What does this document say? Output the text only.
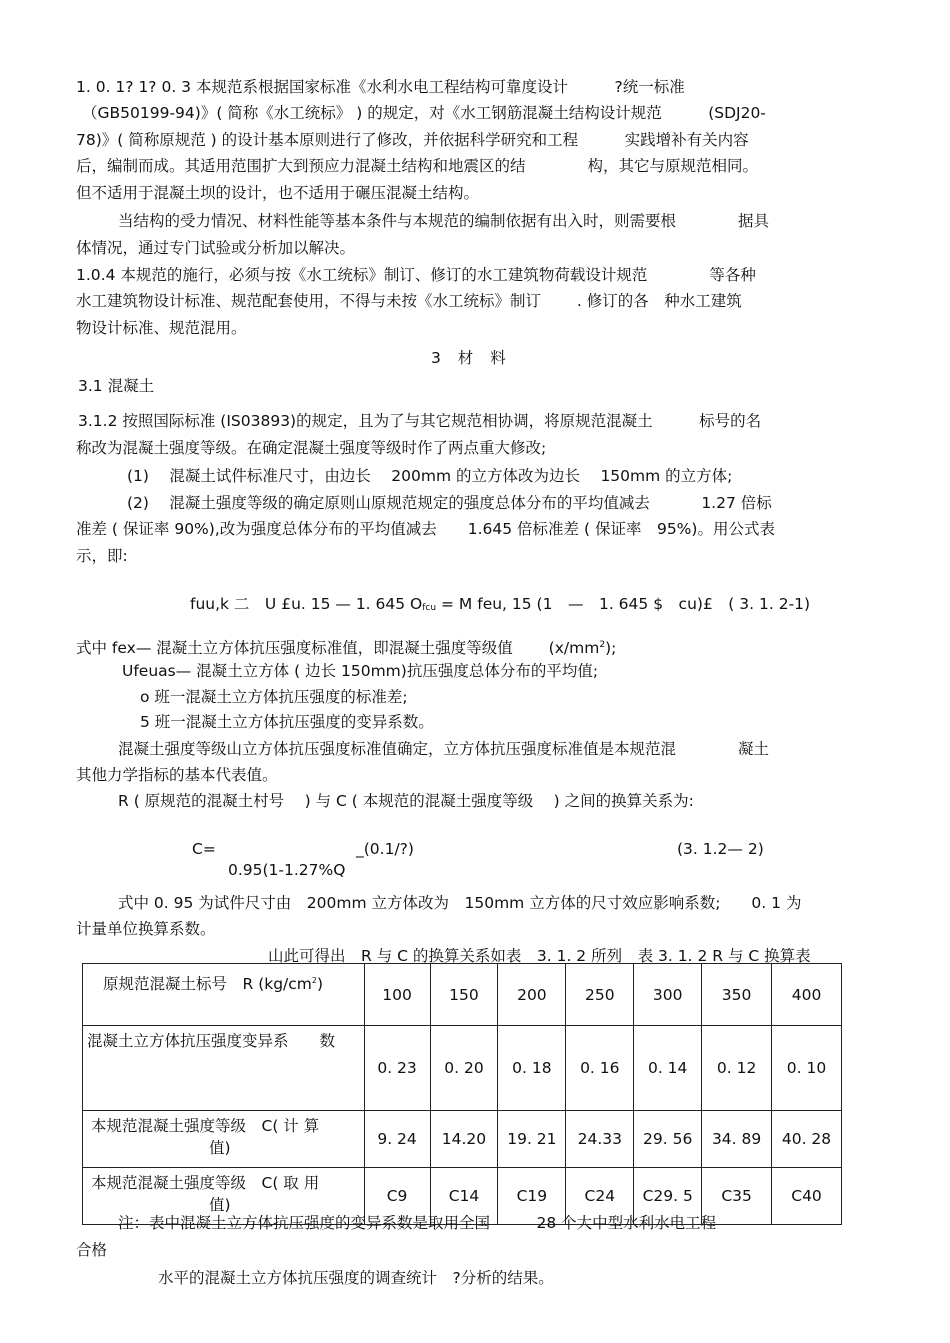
1. 0. 1? 1? 0. 3 本规范系根据国家标准《水利水电工程结构可靠度设计　　　?统一标准
（GB50199-94)》( 简称《水工统标》 ) 的规定，对《水工钢筋混凝土结构设计规范　　　(SDJ20-
78)》( 简称原规范 ) 的设计基本原则进行了修改，并依据科学研究和工程　　　实践增补有关内容
后，编制而成。其适用范围扩大到预应力混凝土结构和地震区的结　　　　构，其它与原规范相同。
但不适用于混凝土坝的设计，也不适用于碾压混凝土结构。
当结构的受力情况、材料性能等基本条件与本规范的编制依据有出入时，则需要根　　　　据具
体情况，通过专门试验或分析加以解决。
1.0.4 本规范的施行，必须与按《水工统标》制订、修订的水工建筑物荷载设计规范　　　　等各种
水工建筑物设计标准、规范配套使用，不得与未按《水工统标》制订　　 . 修订的各　种水工建筑
物设计标准、规范混用。
3 材 料
3.1 混凝土
3.1.2 按照国际标准 (IS03893)的规定，且为了与其它规范相协调，将原规范混凝土　　　标号的名
称改为混凝土强度等级。在确定混凝土强度等级时作了两点重大修改;
(1)　 混凝土试件标准尺寸，由边长　 200mm 的立方体改为边长　 150mm 的立方体;
(2)　 混凝土强度等级的确定原则山原规范规定的强度总体分布的平均值减去　　　 1.27 倍标
准差 ( 保证率 90%),改为强度总体分布的平均值减去　　1.645 倍标准差 ( 保证率　95%)。用公式表
示，即:
fuu,k 二　U £u. 15 — 1. 645 $O_{fcu} = M$ feu, 15 (1　—　1. 645 $　cu)£　( 3. 1. 2-1)
式中 fex— 混凝土立方体抗压强度标准值，即混凝土强度等级值　　 $(x/mm^2)$;
Ufeuas— 混凝土立方体 ( 边长 150mm)抗压强度总体分布的平均值;
o 班一混凝土立方体抗压强度的标准差;
5 班一混凝土立方体抗压强度的变异系数。
混凝土强度等级山立方体抗压强度标准值确定，立方体抗压强度标准值是本规范混　　　　凝土
其他力学指标的基本代表值。
R ( 原规范的混凝土村号 　) 与 C ( 本规范的混凝土强度等级　 ) 之间的换算关系为:
C=	_(0.1/?)
0.95(1-1.27%Q
(3. 1.2— 2)
式中 0. 95 为试件尺寸由　200mm 立方体改为　150mm 立方体的尺寸效应影响系数;　　0. 1 为
计量单位换算系数。
山此可得出　R 与 C 的换算关系如表　3. 1. 2 所列　表 3. 1. 2 R 与 C 换算表
原规范混凝土标号　R $(kg/cm^2)$	100	150	200	250	300	350	400
混凝土立方体抗压强度变异系　　数	0. 23	0. 20	0. 18	0. 16	0. 14	0. 12	0. 10

本规范混凝土强度等级　C( 计 算
值)	9. 24	14.20	19. 21	24.33	29. 56	34. 89	40. 28

本规范混凝土强度等级　C( 取 用
值)	C9	C14	C19	C24	C29. 5	C35	C40
注：表中混凝土立方体抗压强度的变异系数是取用全国　　　28 个大中型水利水电工程
合格
水平的混凝土立方体抗压强度的调查统计　?分析的结果。
